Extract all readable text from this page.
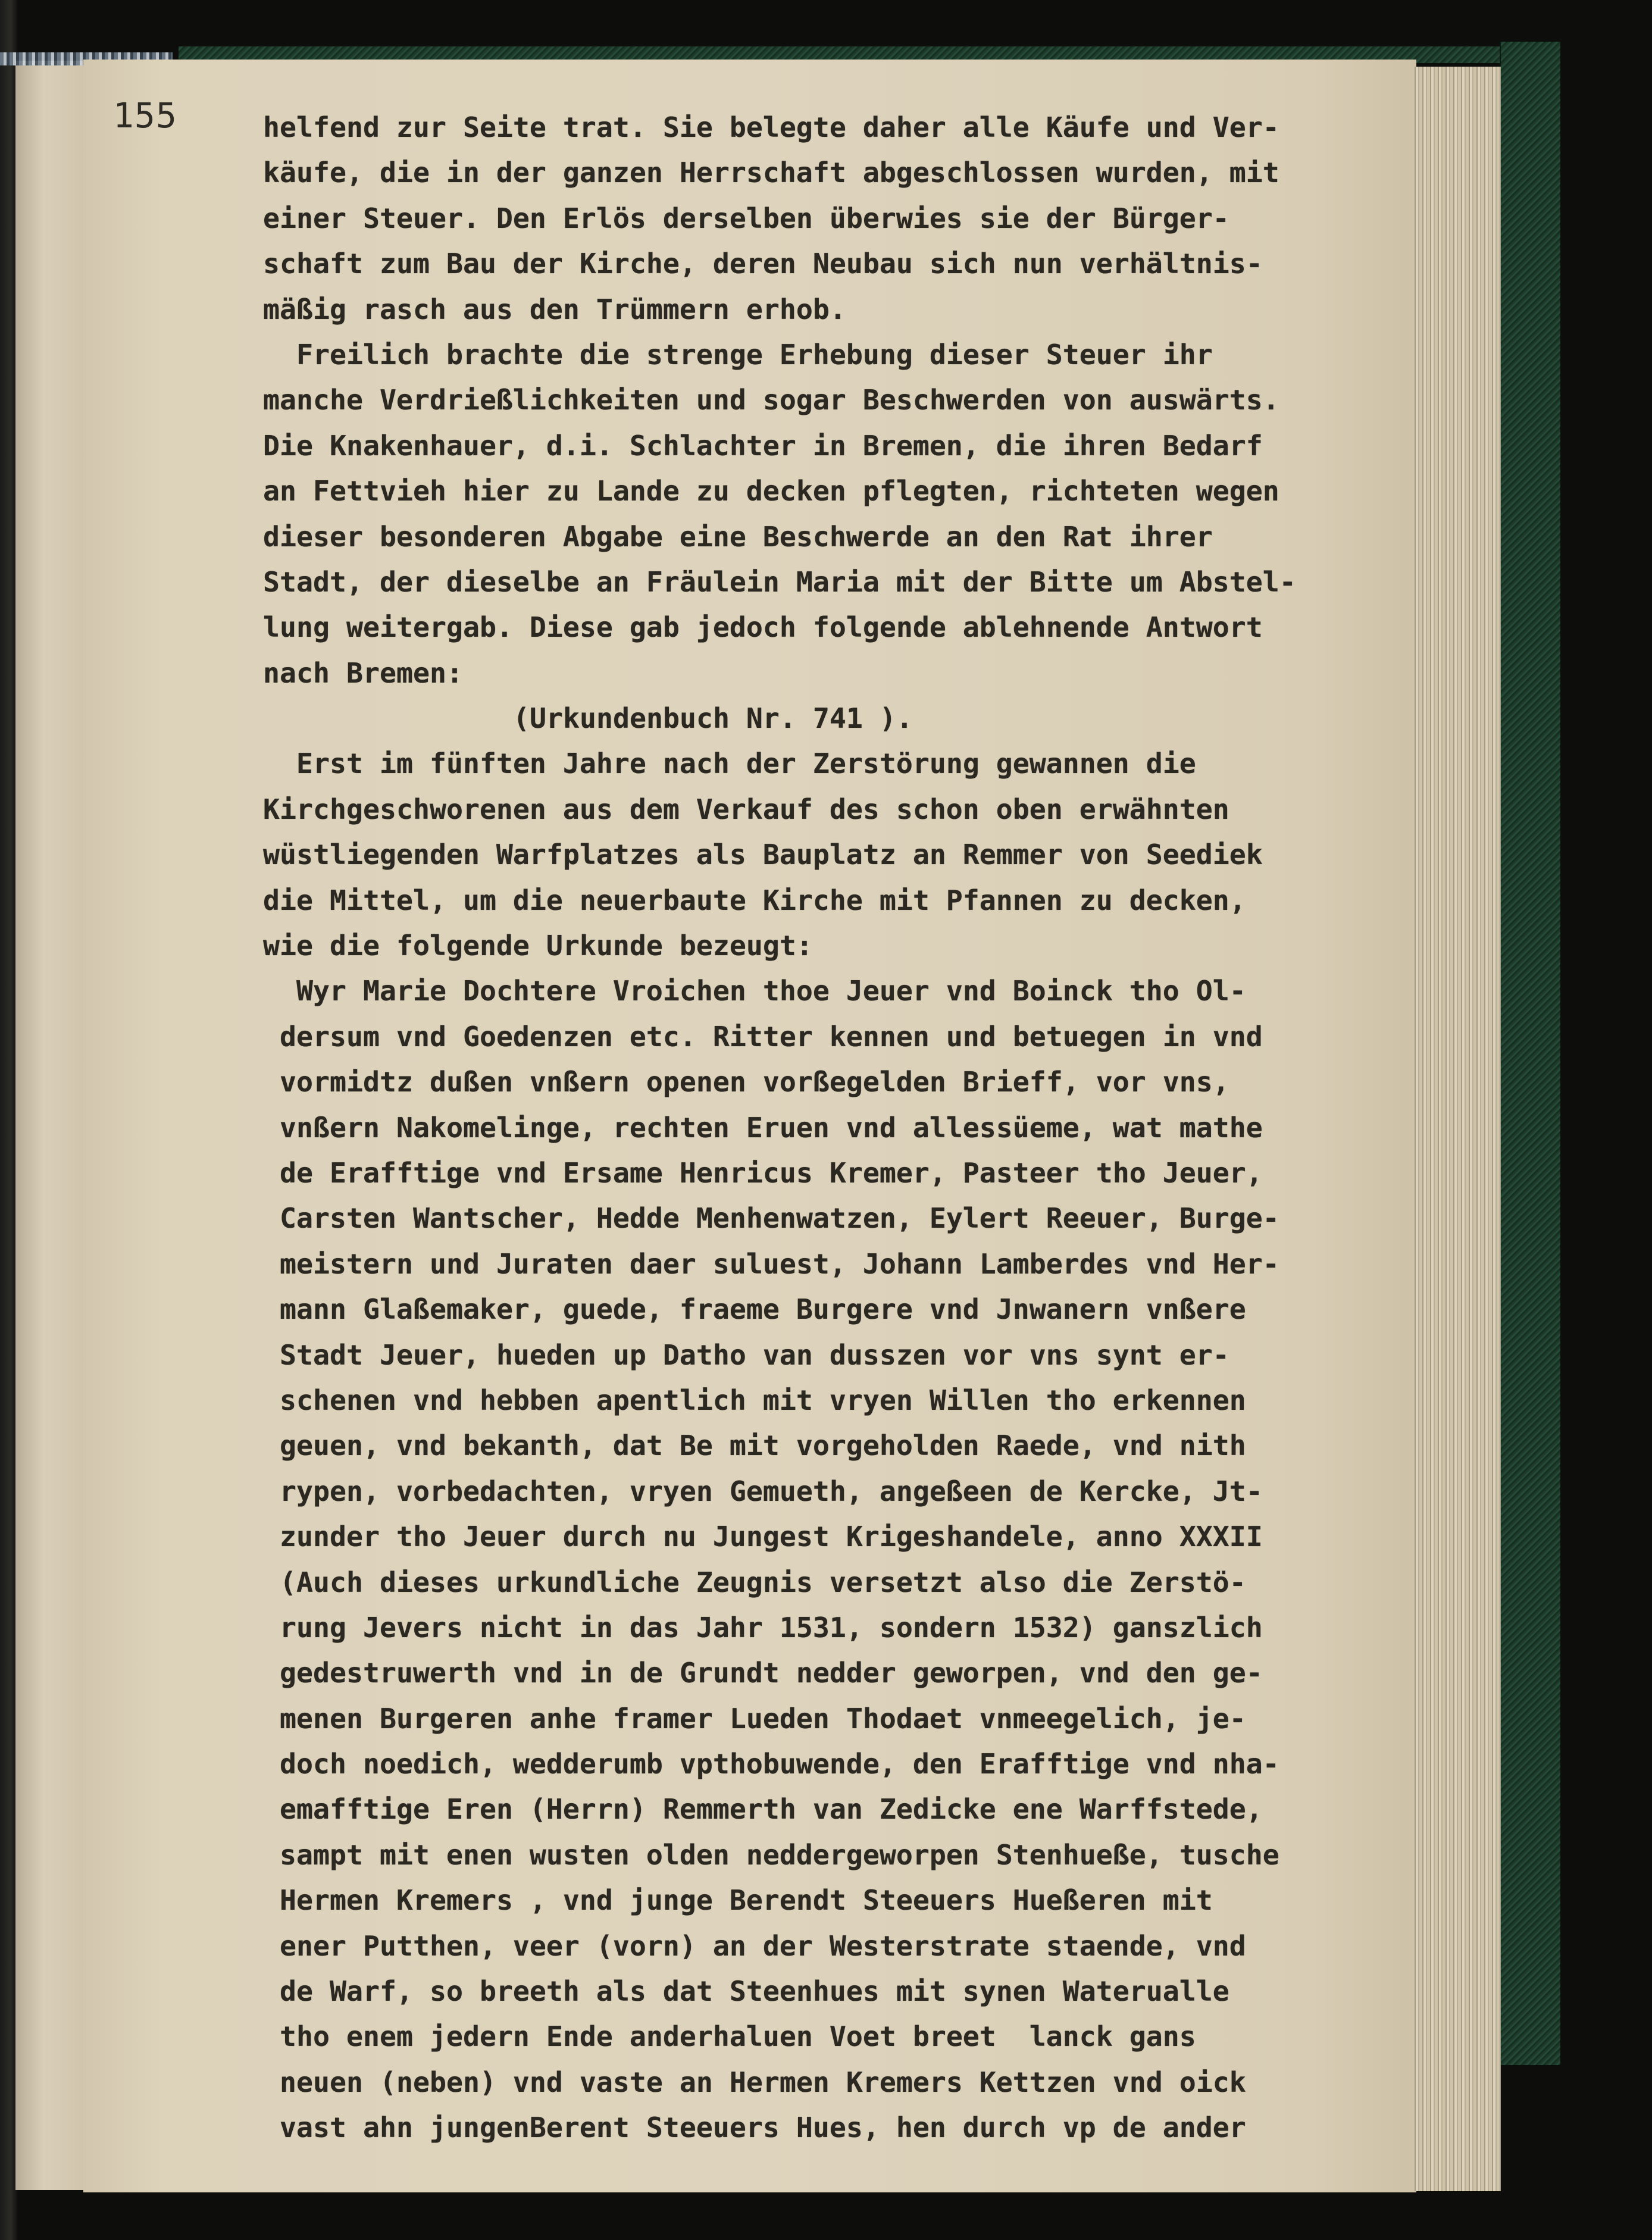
155	helfend zur Seite trat. Sie belegte daher alle Käufe und Ver-
käufe, die in der ganzen Herrschaft abgeschlossen wurden, mit
einer Steuer. Den Erlös derselben überwies sie der Bürger-
schaft zum Bau der Kirche, deren Neubau sich nun verhältnis-
mäßig rasch aus den Trümmern erhob.
Freilich brachte die strenge Erhebung dieser Steuer ihr
manche Verdrießlichkeiten und sogar Beschwerden von auswärts.
Die Knakenhauer, d.i. Schlachter in Bremen, die ihren Bedarf
an Fettvieh hier zu Lande zu decken pflegten, richteten wegen
dieser besonderen Abgabe eine Beschwerde an den Rat ihrer
Stadt, der dieselbe an Fräulein Maria mit der Bitte um Abstel-
lung weitergab. Diese gab jedoch folgende ablehnende Antwort
nach Bremen:
(Urkundenbuch Nr. 741 ).
Erst im fünften Jahre nach der Zerstörung gewannen die
Kirchgeschworenen aus dem Verkauf des schon oben erwähnten
wüstliegenden Warfplatzes als Bauplatz an Remmer von Seediek
die Mittel, um die neuerbaute Kirche mit Pfannen zu decken,
wie die folgende Urkunde bezeugt:
Wyr Marie Dochtere Vroichen thoe Jeuer vnd Boinck tho Ol-
dersum vnd Goedenzen etc. Ritter kennen und betuegen in vnd
vormidtz dußen vnßern openen vorßegelden Brieff, vor vns,
vnßern Nakomelinge, rechten Eruen vnd allessüeme, wat mathe
de Erafftige vnd Ersame Henricus Kremer, Pasteer tho Jeuer,
Carsten Wantscher, Hedde Menhenwatzen, Eylert Reeuer, Burge-
meistern und Juraten daer suluest, Johann Lamberdes vnd Her-
mann Glaßemaker, guede, fraeme Burgere vnd Jnwanern vnßere
Stadt Jeuer, hueden up Datho van dusszen vor vns synt er-
schenen vnd hebben apentlich mit vryen Willen tho erkennen
geuen, vnd bekanth, dat Be mit vorgeholden Raede, vnd nith
rypen, vorbedachten, vryen Gemueth, angeßeen de Kercke, Jt-
zunder tho Jeuer durch nu Jungest Krigeshandele, anno XXXII
(Auch dieses urkundliche Zeugnis versetzt also die Zerstö-
rung Jevers nicht in das Jahr 1531, sondern 1532) ganszlich
gedestruwerth vnd in de Grundt nedder geworpen, vnd den ge-
menen Burgeren anhe framer Lueden Thodaet vnmeegelich, je-
doch noedich, wedderumb vpthobuwende, den Erafftige vnd nha-
emafftige Eren (Herrn) Remmerth van Zedicke ene Warffstede,
sampt mit enen wusten olden neddergeworpen Stenhueße, tusche
Hermen Kremers , vnd junge Berendt Steeuers Hueßeren mit
ener Putthen, veer (vorn) an der Westerstrate staende, vnd
de Warf, so breeth als dat Steenhues mit synen Waterualle
tho enem jedern Ende anderhaluen Voet breet  lanck gans
neuen (neben) vnd vaste an Hermen Kremers Kettzen vnd oick
vast ahn jungenBerent Steeuers Hues, hen durch vp de ander
